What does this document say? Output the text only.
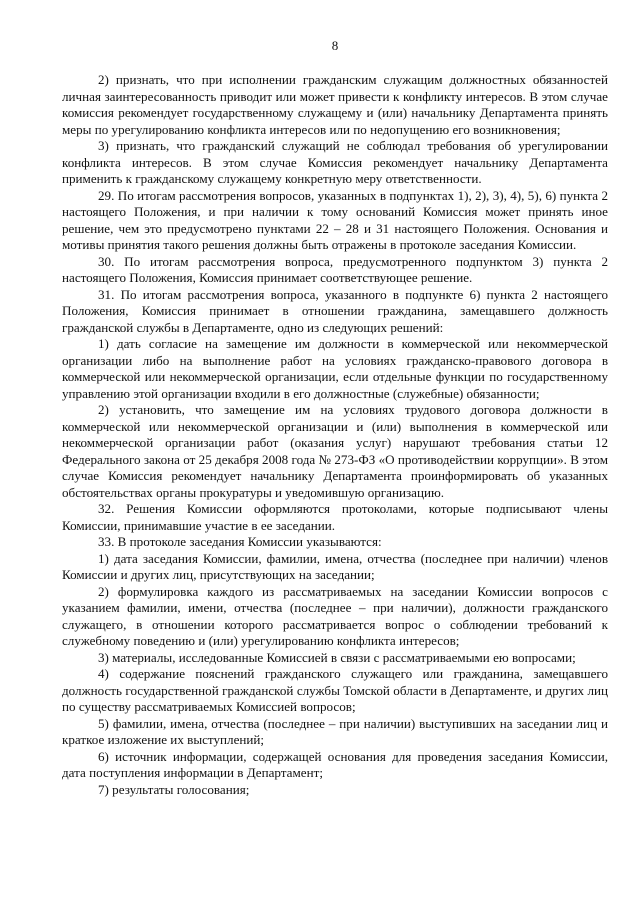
8

2) признать, что при исполнении гражданским служащим должностных обязанностей личная заинтересованность приводит или может привести к конфликту интересов. В этом случае комиссия рекомендует государственному служащему и (или) начальнику Департамента принять меры по урегулированию конфликта интересов или по недопущению его возникновения;

3) признать, что гражданский служащий не соблюдал требования об урегулировании конфликта интересов. В этом случае Комиссия рекомендует начальнику Департамента применить к гражданскому служащему конкретную меру ответственности.

29. По итогам рассмотрения вопросов, указанных в подпунктах 1), 2), 3), 4), 5), 6) пункта 2 настоящего Положения, и при наличии к тому оснований Комиссия может принять иное решение, чем это предусмотрено пунктами 22 – 28 и 31 настоящего Положения. Основания и мотивы принятия такого решения должны быть отражены в протоколе заседания Комиссии.

30. По итогам рассмотрения вопроса, предусмотренного подпунктом 3) пункта 2 настоящего Положения, Комиссия принимает соответствующее решение.

31. По итогам рассмотрения вопроса, указанного в подпункте 6) пункта 2 настоящего Положения, Комиссия принимает в отношении гражданина, замещавшего должность гражданской службы в Департаменте, одно из следующих решений:

1) дать согласие на замещение им должности в коммерческой или некоммерческой организации либо на выполнение работ на условиях гражданско-правового договора в коммерческой или некоммерческой организации, если отдельные функции по государственному управлению этой организации входили в его должностные (служебные) обязанности;

2) установить, что замещение им на условиях трудового договора должности в коммерческой или некоммерческой организации и (или) выполнения в коммерческой или некоммерческой организации работ (оказания услуг) нарушают требования статьи 12 Федерального закона от 25 декабря 2008 года № 273-ФЗ «О противодействии коррупции». В этом случае Комиссия рекомендует начальнику Департамента проинформировать об указанных обстоятельствах органы прокуратуры и уведомившую организацию.

32. Решения Комиссии оформляются протоколами, которые подписывают члены Комиссии, принимавшие участие в ее заседании.

33. В протоколе заседания Комиссии указываются:

1) дата заседания Комиссии, фамилии, имена, отчества (последнее при наличии) членов Комиссии и других лиц, присутствующих на заседании;

2) формулировка каждого из рассматриваемых на заседании Комиссии вопросов с указанием фамилии, имени, отчества (последнее – при наличии), должности гражданского служащего, в отношении которого рассматривается вопрос о соблюдении требований к служебному поведению и (или) урегулированию конфликта интересов;

3) материалы, исследованные Комиссией в связи с рассматриваемыми ею вопросами;

4) содержание пояснений гражданского служащего или гражданина, замещавшего должность государственной гражданской службы Томской области в Департаменте, и других лиц по существу рассматриваемых Комиссией вопросов;

5) фамилии, имена, отчества (последнее – при наличии) выступивших на заседании лиц и краткое изложение их выступлений;

6) источник информации, содержащей основания для проведения заседания Комиссии, дата поступления информации в Департамент;

7) результаты голосования;
